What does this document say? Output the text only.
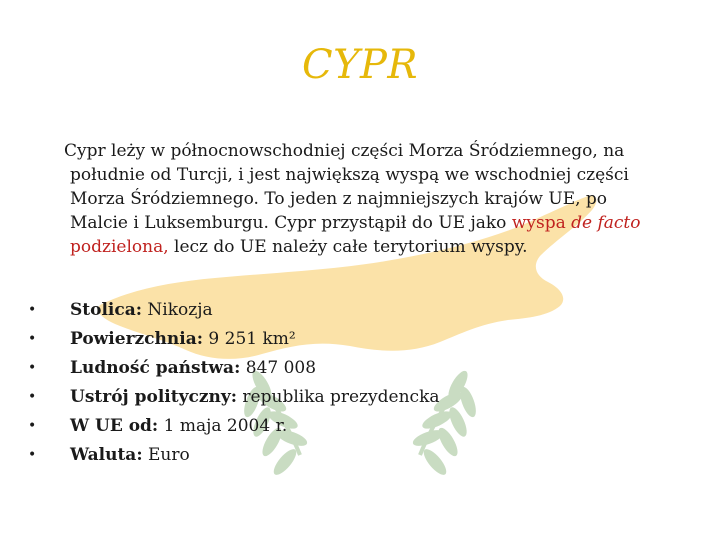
CYPR
Cypr leży w północnowschodniej części Morza Śródziemnego, na
południe od Turcji, i jest największą wyspą we wschodniej części Morza Śródziemnego. To jeden z najmniejszych krajów UE, po Malcie i Luksemburgu. Cypr przystąpił do UE jako wyspa de facto podzielona, lecz do UE należy całe terytorium wyspy.
• Stolica: Nikozja
• Powierzchnia: 9 251 km²
• Ludność państwa: 847 008
• Ustrój polityczny: republika prezydencka
• W UE od: 1 maja 2004 r.
• Waluta: Euro
